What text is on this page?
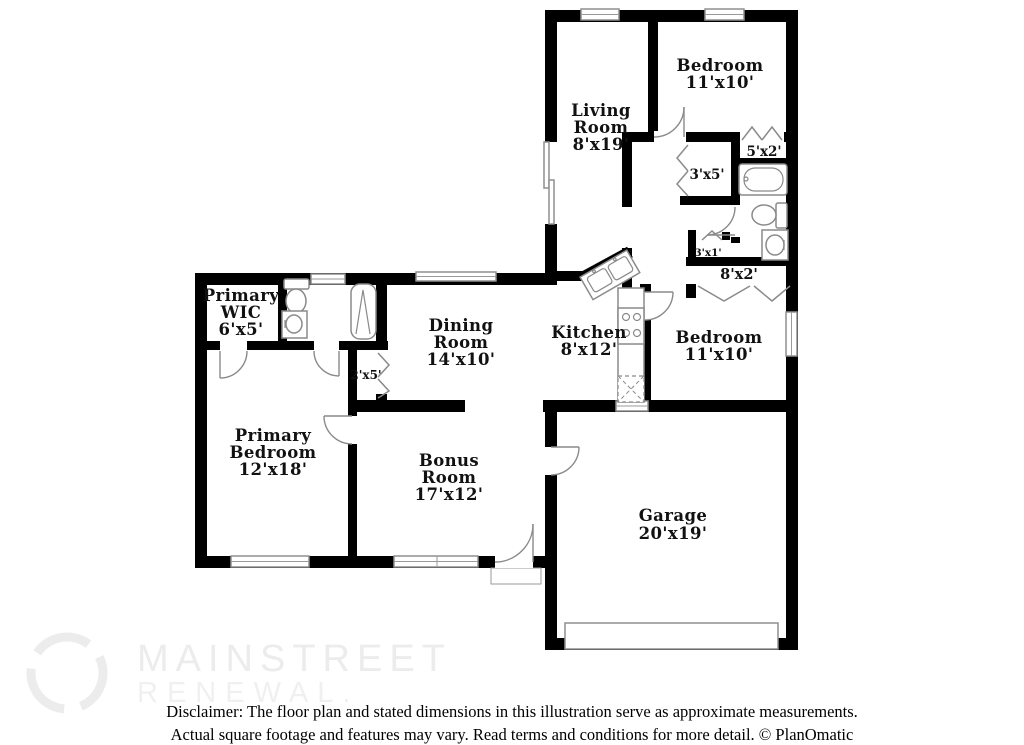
Living
Room
8'x19'
Bedroom
11'x10'
Kitchen
8'x12'
Dining
Room
14'x10'
Bedroom
11'x10'
Primary
WIC
6'x5'
Primary
Bedroom
12'x18'	Bonus
Room
17'x12'
Garage
20'x19'
5'x2'
3'x5'
3'x1'
8'x2'
2'x5'
MAINSTREET
RENEWAL.
Disclaimer: The floor plan and stated dimensions in this illustration serve as approximate measurements.
Actual square footage and features may vary. Read terms and conditions for more detail. © PlanOmatic
